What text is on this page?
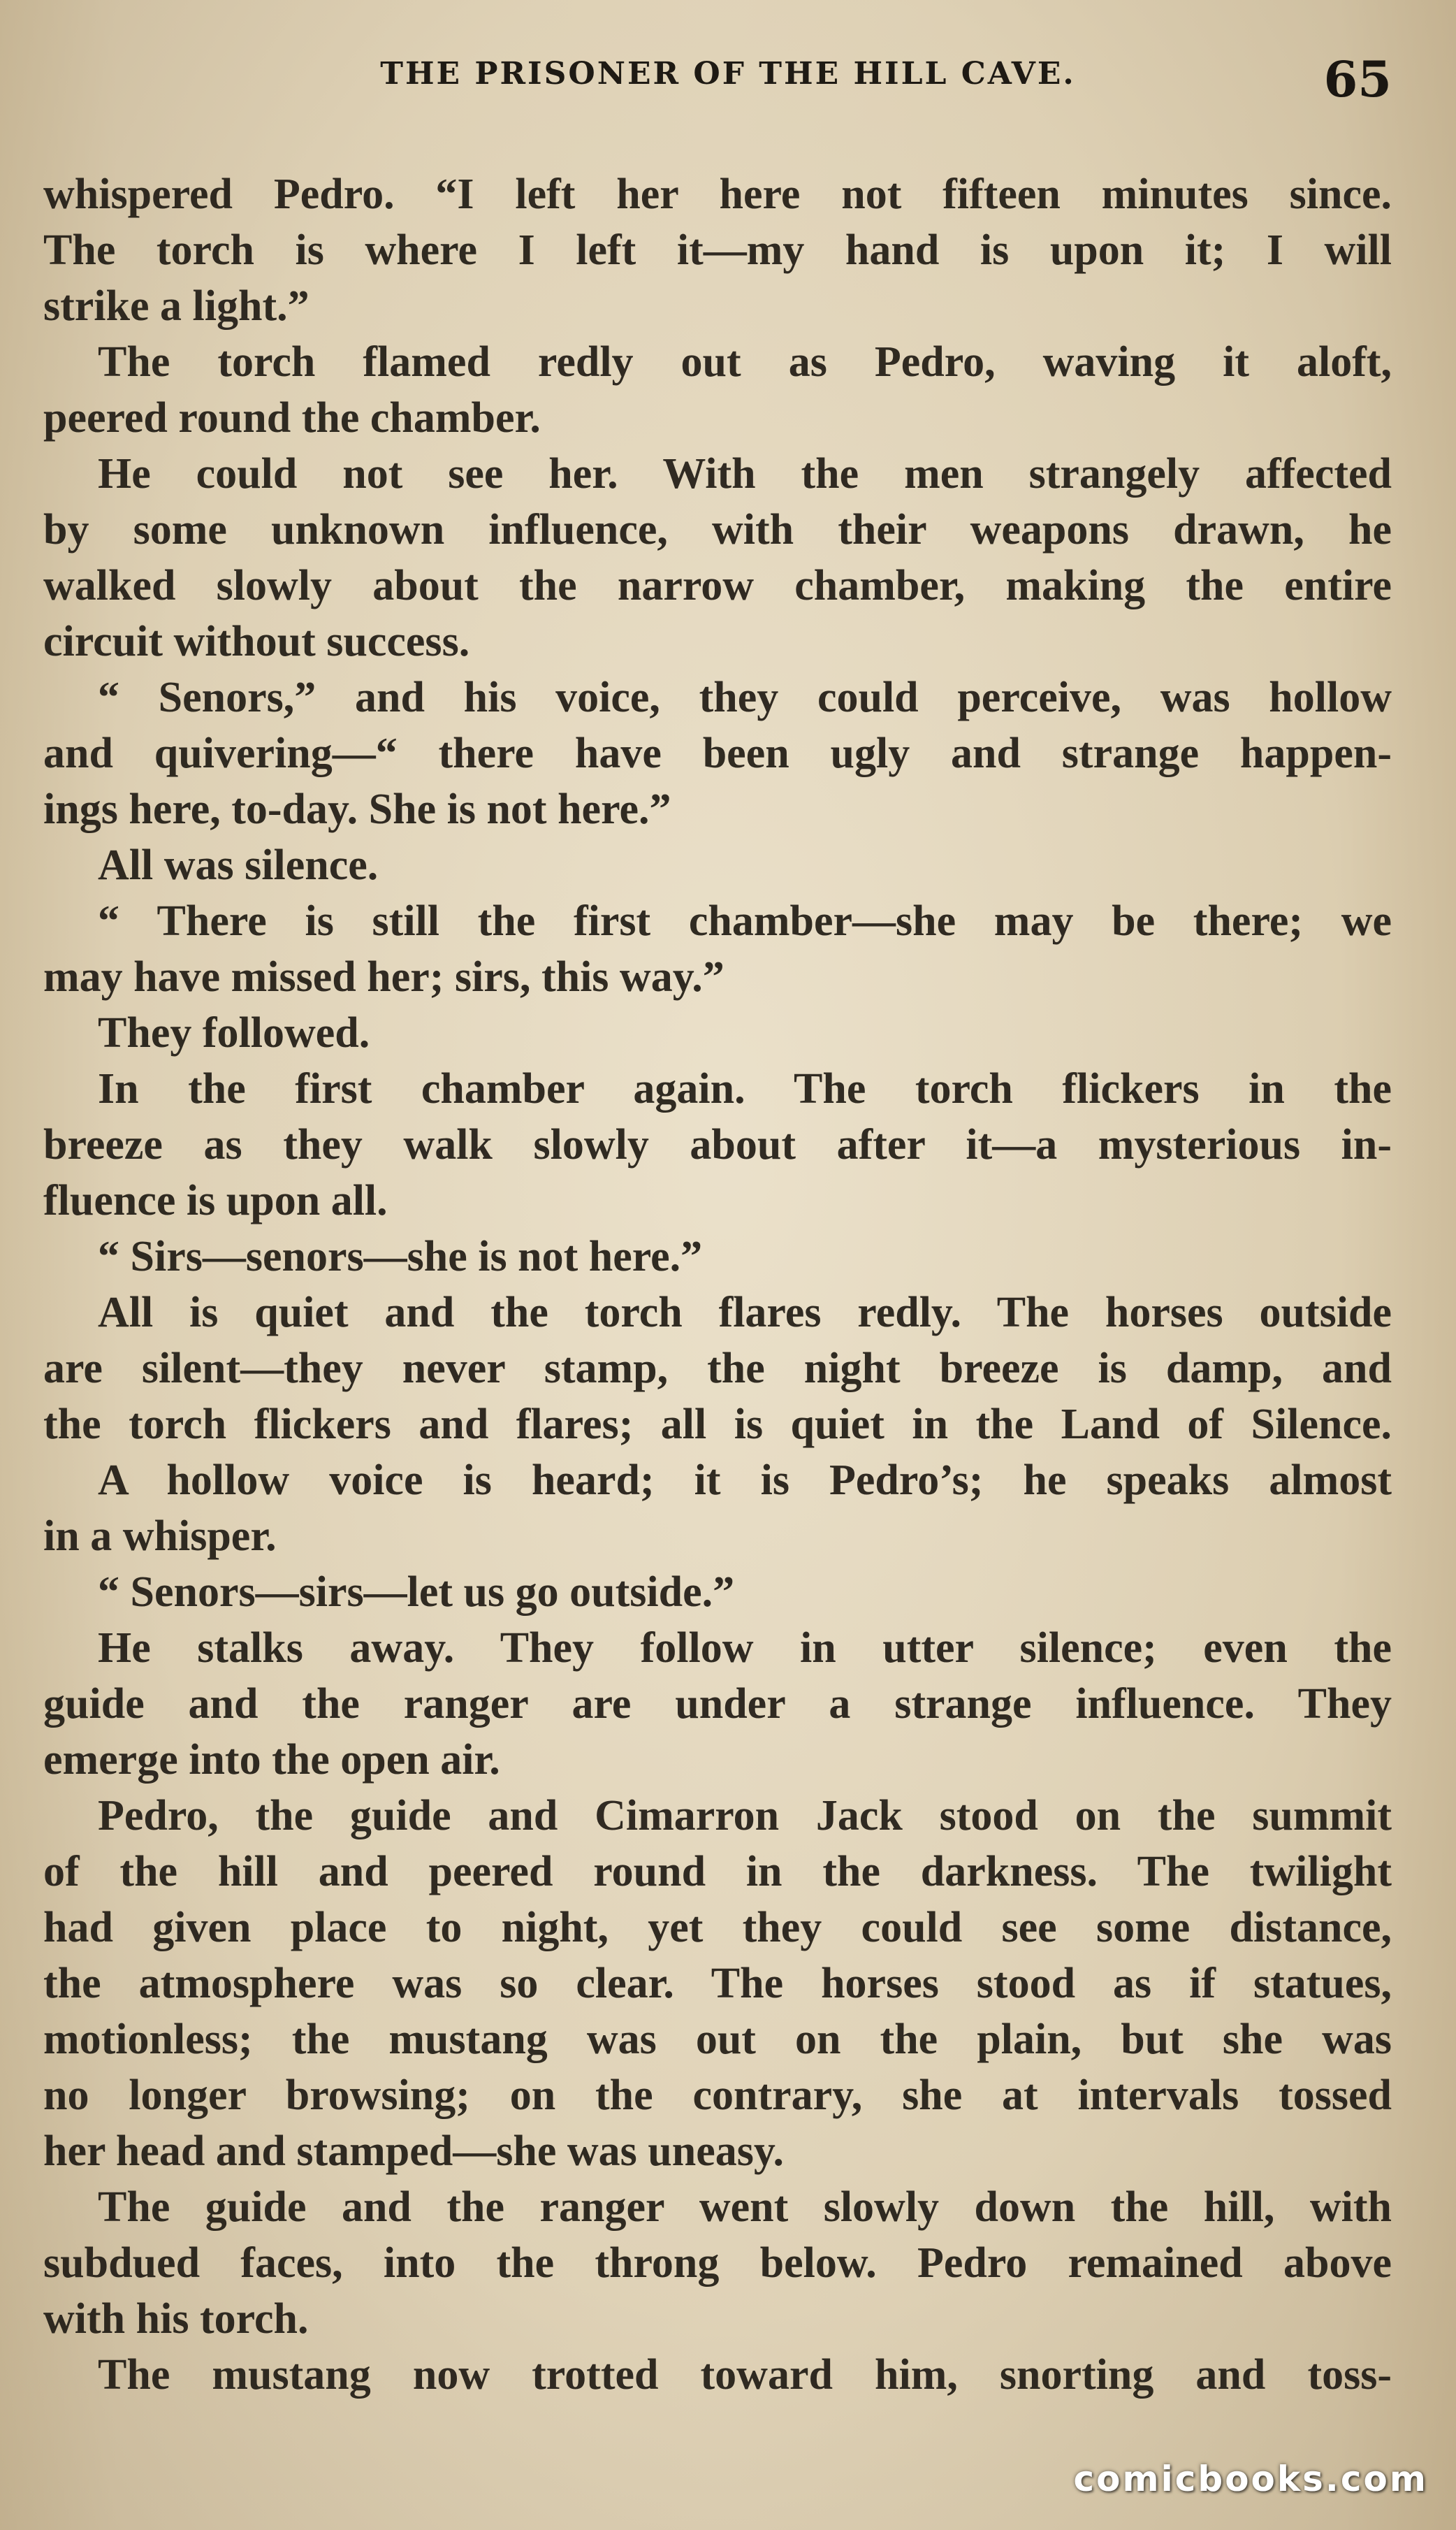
THE PRISONER OF THE HILL CAVE.	65
whispered Pedro. “I left her here not fifteen minutes since.
The torch is where I left it—my hand is upon it; I will
strike a light.”
The torch flamed redly out as Pedro, waving it aloft,
peered round the chamber.
He could not see her. With the men strangely affected
by some unknown influence, with their weapons drawn, he
walked slowly about the narrow chamber, making the entire
circuit without success.
“ Senors,” and his voice, they could perceive, was hollow
and quivering—“ there have been ugly and strange happen-
ings here, to-day. She is not here.”
All was silence.
“ There is still the first chamber—she may be there; we
may have missed her; sirs, this way.”
They followed.
In the first chamber again. The torch flickers in the
breeze as they walk slowly about after it—a mysterious in-
fluence is upon all.
“ Sirs—senors—she is not here.”
All is quiet and the torch flares redly. The horses outside
are silent—they never stamp, the night breeze is damp, and
the torch flickers and flares; all is quiet in the Land of Silence.
A hollow voice is heard; it is Pedro’s; he speaks almost
in a whisper.
“ Senors—sirs—let us go outside.”
He stalks away. They follow in utter silence; even the
guide and the ranger are under a strange influence. They
emerge into the open air.
Pedro, the guide and Cimarron Jack stood on the summit
of the hill and peered round in the darkness. The twilight
had given place to night, yet they could see some distance,
the atmosphere was so clear. The horses stood as if statues,
motionless; the mustang was out on the plain, but she was
no longer browsing; on the contrary, she at intervals tossed
her head and stamped—she was uneasy.
The guide and the ranger went slowly down the hill, with
subdued faces, into the throng below. Pedro remained above
with his torch.
The mustang now trotted toward him, snorting and toss-
comicbooks.com
